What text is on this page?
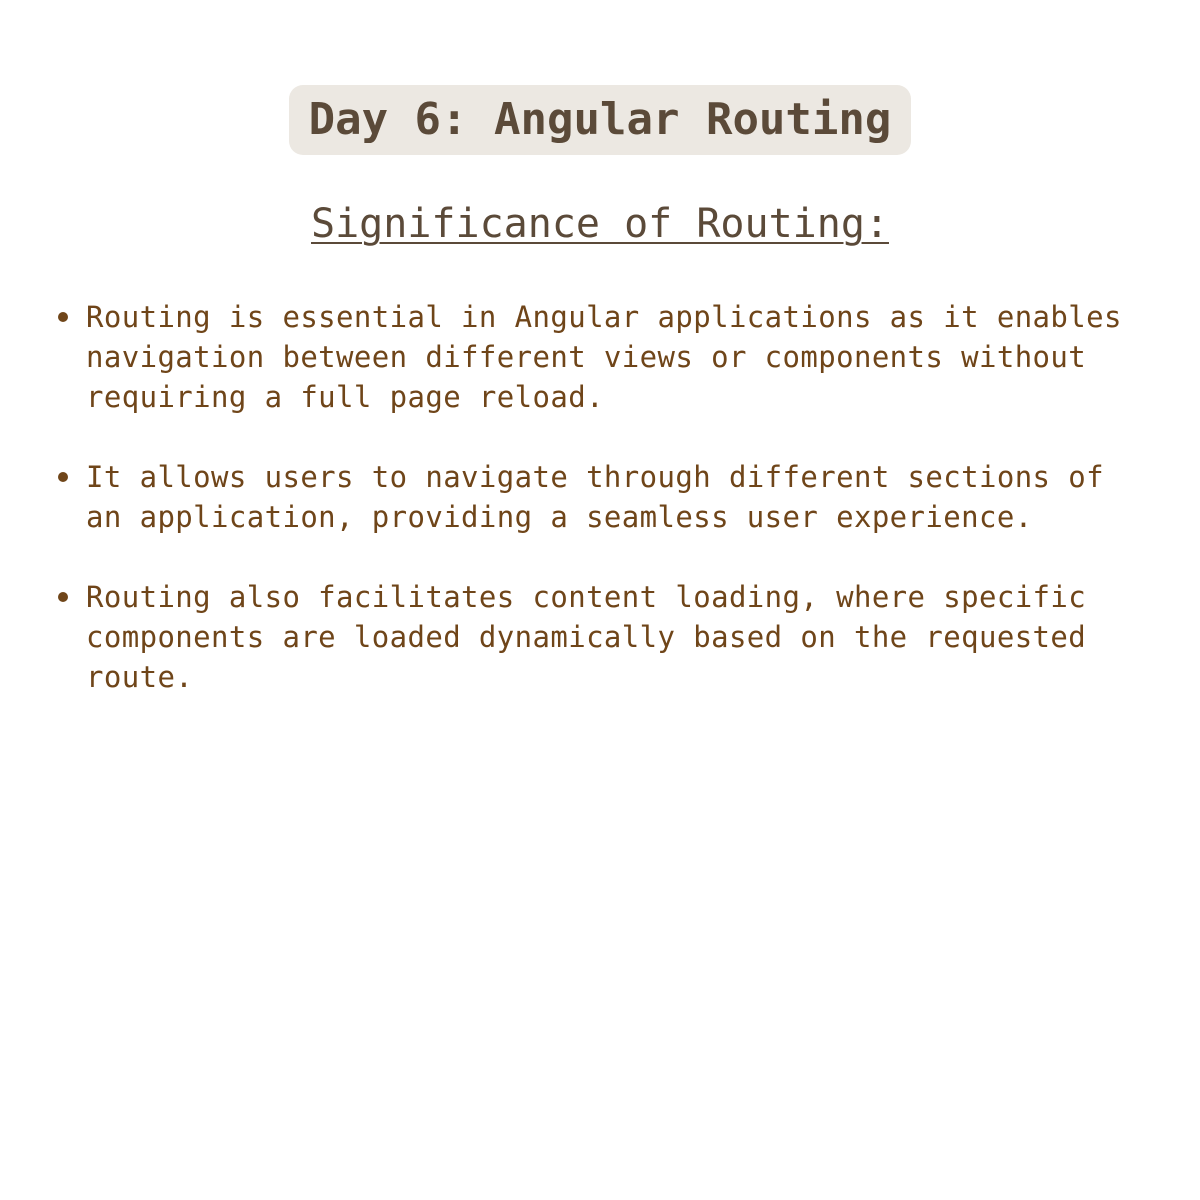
Day 6: Angular Routing
Significance of Routing:
Routing is essential in Angular applications as it enables navigation between different views or components without requiring a full page reload.
It allows users to navigate through different sections of an application, providing a seamless user experience.
Routing also facilitates content loading, where specific components are loaded dynamically based on the requested route.
